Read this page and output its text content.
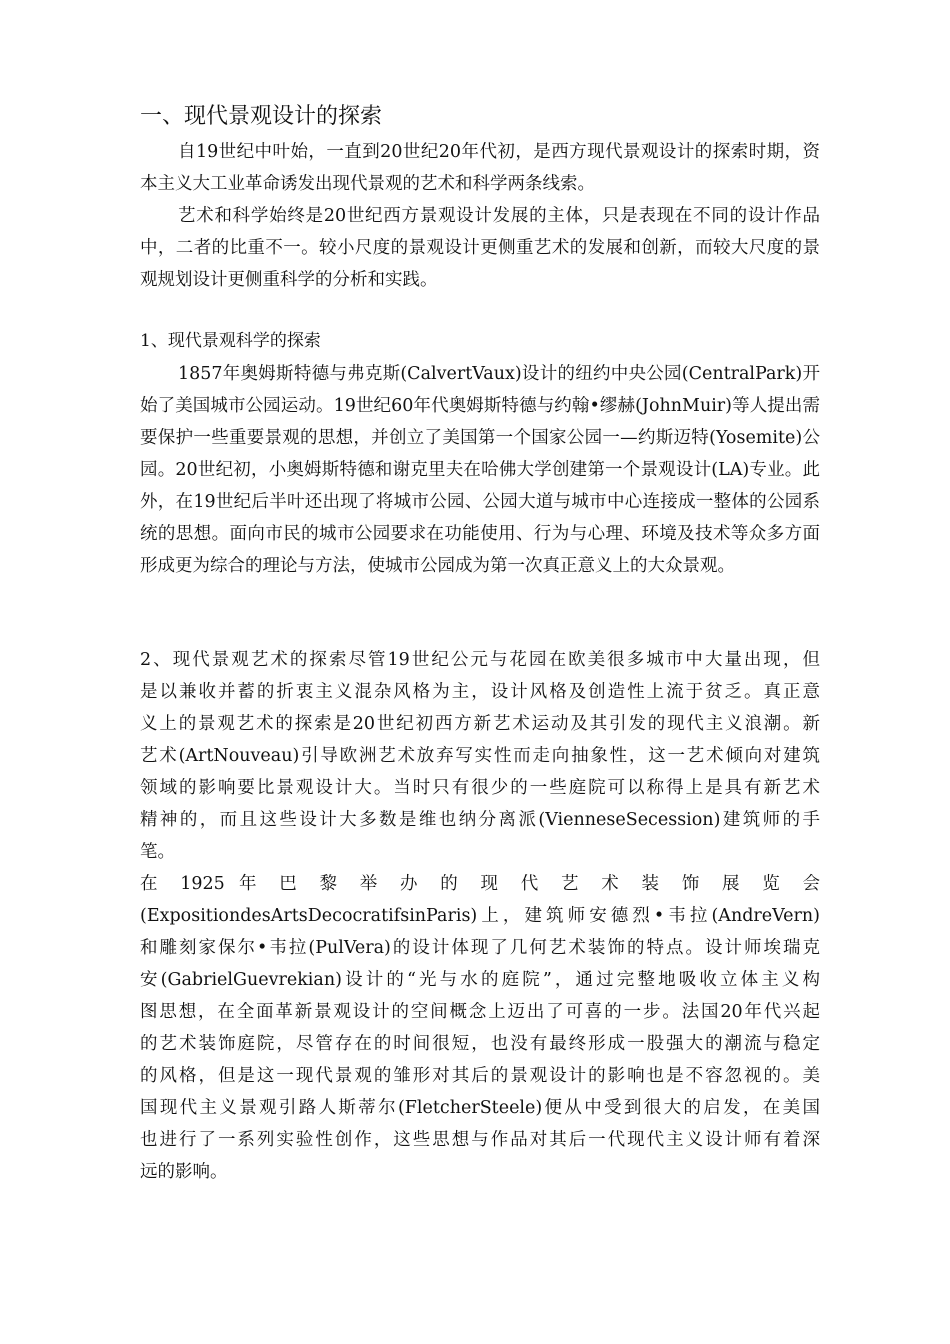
一、现代景观设计的探索
自19世纪中叶始，一直到20世纪20年代初，是西方现代景观设计的探索时期，资本主义大工业革命诱发出现代景观的艺术和科学两条线索。
艺术和科学始终是20世纪西方景观设计发展的主体，只是表现在不同的设计作品中，二者的比重不一。较小尺度的景观设计更侧重艺术的发展和创新，而较大尺度的景观规划设计更侧重科学的分析和实践。
1、现代景观科学的探索
1857年奥姆斯特德与弗克斯(CalvertVaux)设计的纽约中央公园(CentralPark)开始了美国城市公园运动。19世纪60年代奥姆斯特德与约翰•缪赫(JohnMuir)等人提出需要保护一些重要景观的思想，并创立了美国第一个国家公园一—约斯迈特(Yosemite)公园。20世纪初，小奥姆斯特德和谢克里夫在哈佛大学创建第一个景观设计(LA)专业。此外，在19世纪后半叶还出现了将城市公园、公园大道与城市中心连接成一整体的公园系统的思想。面向市民的城市公园要求在功能使用、行为与心理、环境及技术等众多方面形成更为综合的理论与方法，使城市公园成为第一次真正意义上的大众景观。
2、现代景观艺术的探索尽管19世纪公元与花园在欧美很多城市中大量出现，但
是以兼收并蓄的折衷主义混杂风格为主，设计风格及创造性上流于贫乏。真正意
义上的景观艺术的探索是20世纪初西方新艺术运动及其引发的现代主义浪潮。新
艺术(ArtNouveau)引导欧洲艺术放弃写实性而走向抽象性，这一艺术倾向对建筑
领域的影响要比景观设计大。当时只有很少的一些庭院可以称得上是具有新艺术
精神的，而且这些设计大多数是维也纳分离派(VienneseSecession)建筑师的手
笔。
在 1925 年 巴 黎 举 办 的 现 代 艺 术 装 饰 展 览 会
(ExpositiondesArtsDecocratifsinParis)上，建筑师安德烈•韦拉(AndreVern)
和雕刻家保尔•韦拉(PulVera)的设计体现了几何艺术装饰的特点。设计师埃瑞克
安(GabrielGuevrekian)设计的“光与水的庭院”，通过完整地吸收立体主义构
图思想，在全面革新景观设计的空间概念上迈出了可喜的一步。法国20年代兴起
的艺术装饰庭院，尽管存在的时间很短，也没有最终形成一股强大的潮流与稳定
的风格，但是这一现代景观的雏形对其后的景观设计的影响也是不容忽视的。美
国现代主义景观引路人斯蒂尔(FletcherSteele)便从中受到很大的启发，在美国
也进行了一系列实验性创作，这些思想与作品对其后一代现代主义设计师有着深
远的影响。
